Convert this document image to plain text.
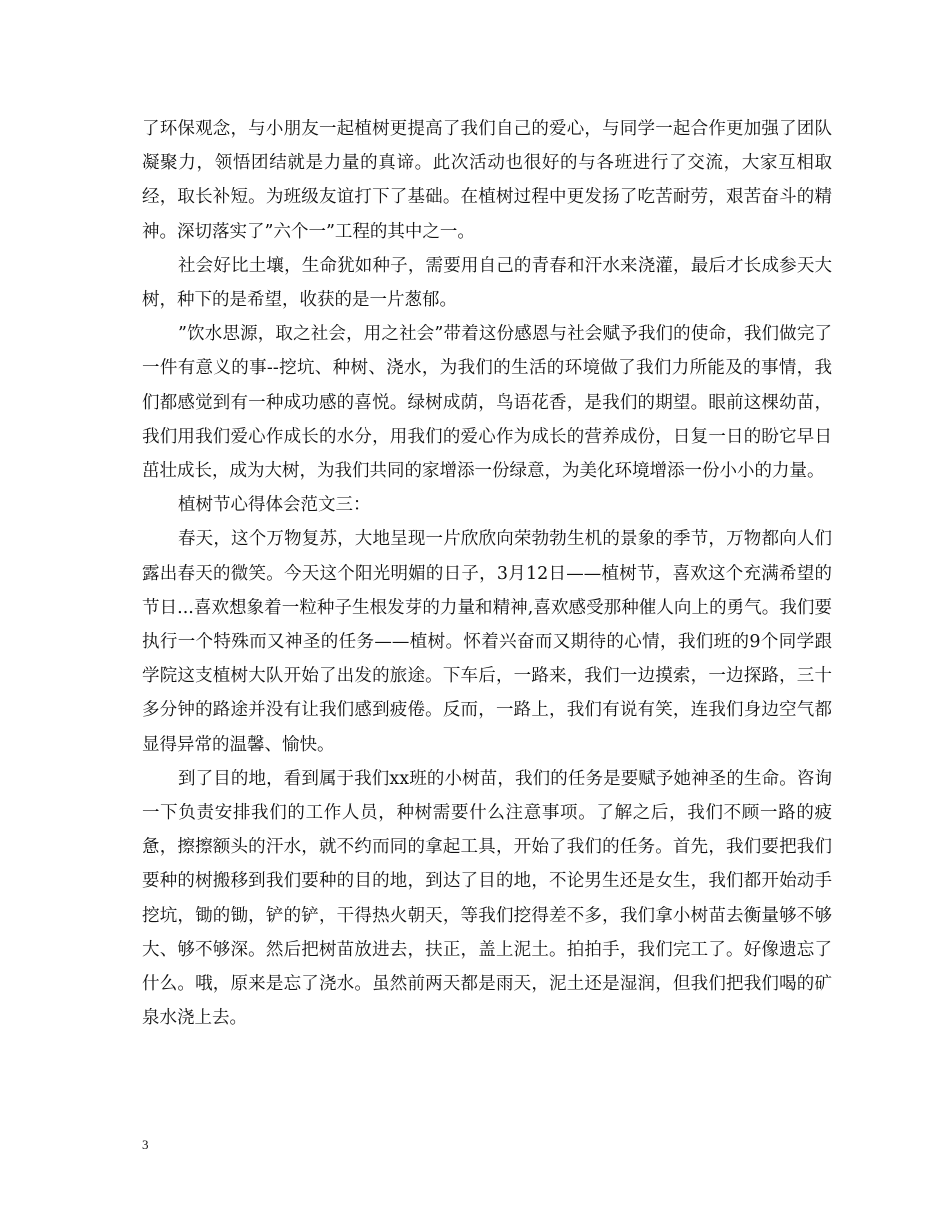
了环保观念，与小朋友一起植树更提高了我们自己的爱心，与同学一起合作更加强了团队凝聚力，领悟团结就是力量的真谛。此次活动也很好的与各班进行了交流，大家互相取经，取长补短。为班级友谊打下了基础。在植树过程中更发扬了吃苦耐劳，艰苦奋斗的精神。深切落实了”六个一”工程的其中之一。

社会好比土壤，生命犹如种子，需要用自己的青春和汗水来浇灌，最后才长成参天大树，种下的是希望，收获的是一片葱郁。

”饮水思源，取之社会，用之社会”带着这份感恩与社会赋予我们的使命，我们做完了一件有意义的事--挖坑、种树、浇水，为我们的生活的环境做了我们力所能及的事情，我们都感觉到有一种成功感的喜悦。绿树成荫，鸟语花香，是我们的期望。眼前这棵幼苗，我们用我们爱心作成长的水分，用我们的爱心作为成长的营养成份，日复一日的盼它早日茁壮成长，成为大树，为我们共同的家增添一份绿意，为美化环境增添一份小小的力量。

植树节心得体会范文三：

春天，这个万物复苏，大地呈现一片欣欣向荣勃勃生机的景象的季节，万物都向人们露出春天的微笑。今天这个阳光明媚的日子，3月12日——植树节，喜欢这个充满希望的节日...喜欢想象着一粒种子生根发芽的力量和精神,喜欢感受那种催人向上的勇气。我们要执行一个特殊而又神圣的任务——植树。怀着兴奋而又期待的心情，我们班的9个同学跟学院这支植树大队开始了出发的旅途。下车后，一路来，我们一边摸索，一边探路，三十多分钟的路途并没有让我们感到疲倦。反而，一路上，我们有说有笑，连我们身边空气都显得异常的温馨、愉快。

到了目的地，看到属于我们xx班的小树苗，我们的任务是要赋予她神圣的生命。咨询一下负责安排我们的工作人员，种树需要什么注意事项。了解之后，我们不顾一路的疲惫，擦擦额头的汗水，就不约而同的拿起工具，开始了我们的任务。首先，我们要把我们要种的树搬移到我们要种的目的地，到达了目的地，不论男生还是女生，我们都开始动手挖坑，锄的锄，铲的铲，干得热火朝天，等我们挖得差不多，我们拿小树苗去衡量够不够大、够不够深。然后把树苗放进去，扶正，盖上泥土。拍拍手，我们完工了。好像遗忘了什么。哦，原来是忘了浇水。虽然前两天都是雨天，泥土还是湿润，但我们把我们喝的矿泉水浇上去。

3
